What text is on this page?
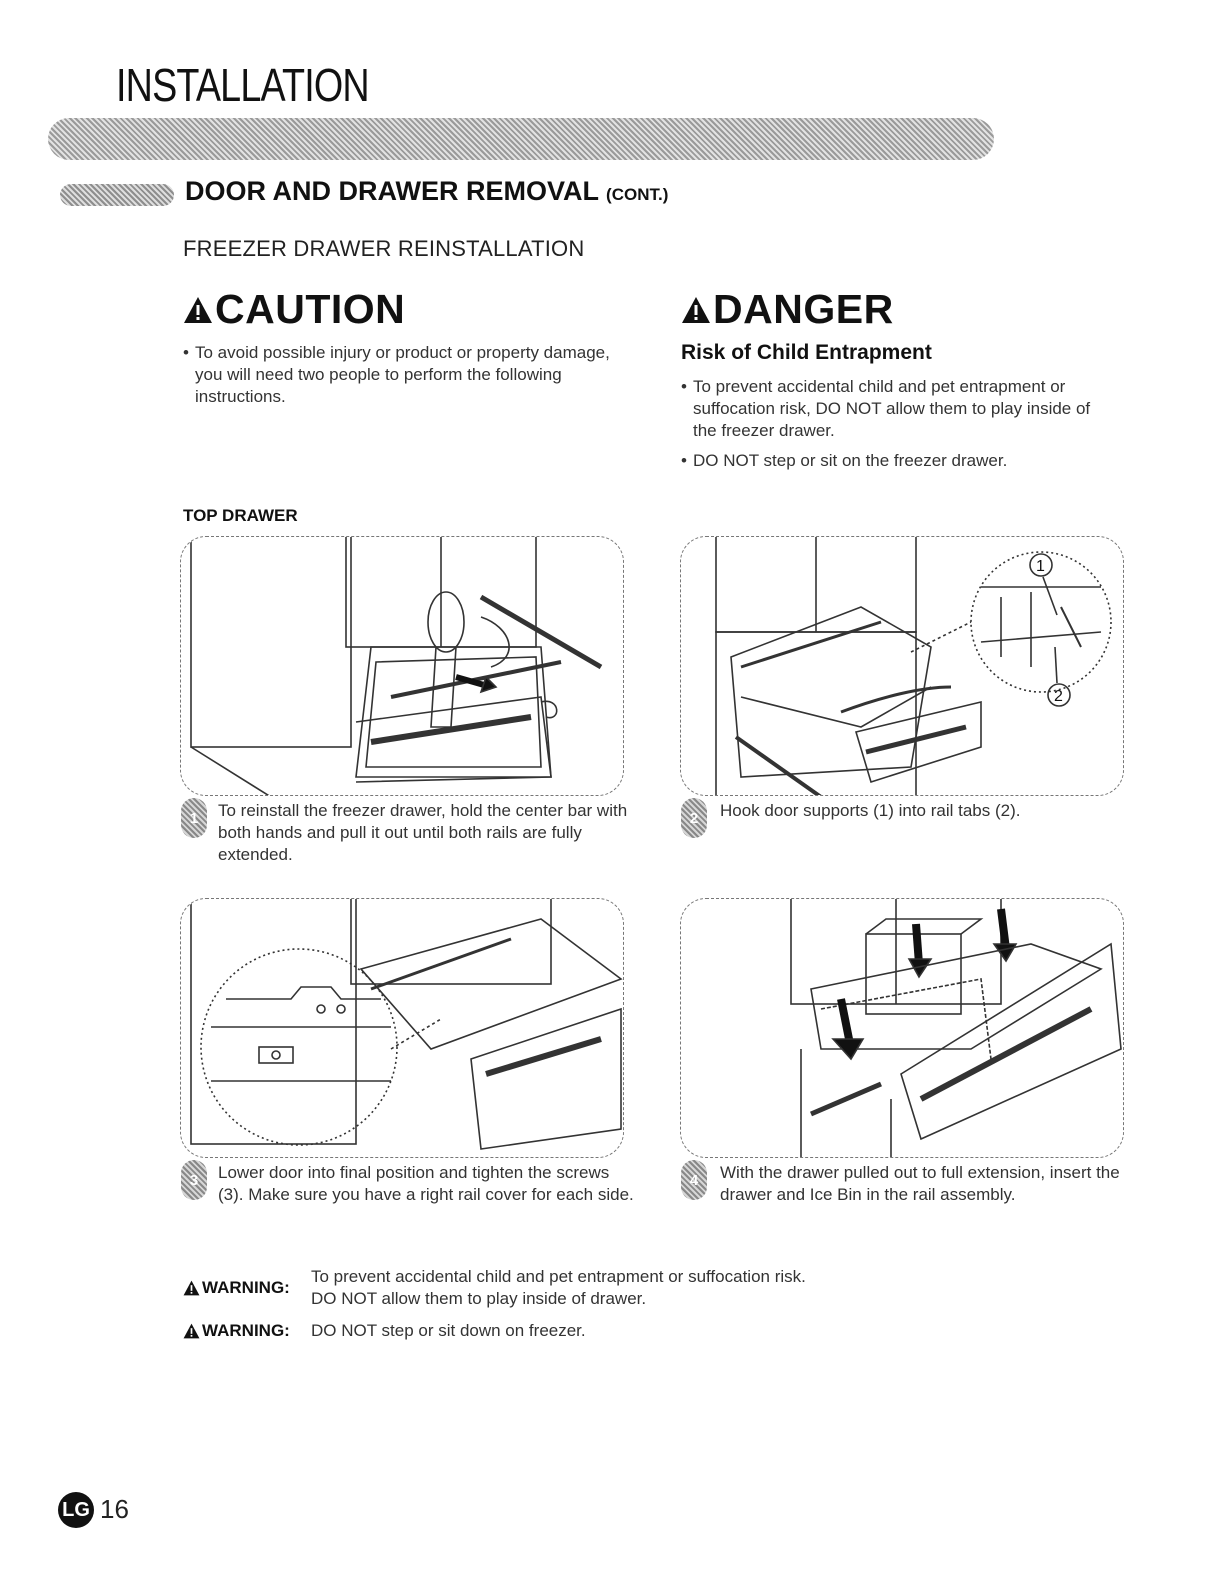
INSTALLATION
DOOR AND DRAWER REMOVAL (CONT.)
FREEZER DRAWER REINSTALLATION
CAUTION
• To avoid possible injury or product or property damage, you will need two people to perform the following instructions.
DANGER
Risk of Child Entrapment
• To prevent accidental child and pet entrapment or suffocation risk, DO NOT allow them to play inside of the freezer drawer.
• DO NOT step or sit on the freezer drawer.
TOP DRAWER
1	To reinstall the freezer drawer, hold the center bar with both hands and pull it out until both rails are fully extended.
1
2
2	Hook door supports (1) into rail tabs (2).
3	Lower door into final position and tighten the screws (3). Make sure you have a right rail cover for each side.
4	With the drawer pulled out to full extension, insert the drawer and Ice Bin in the rail assembly.
WARNING:
To prevent accidental child and pet entrapment or suffocation risk.
DO NOT allow them to play inside of drawer.
WARNING: DO NOT step or sit down on freezer.
LG 16
